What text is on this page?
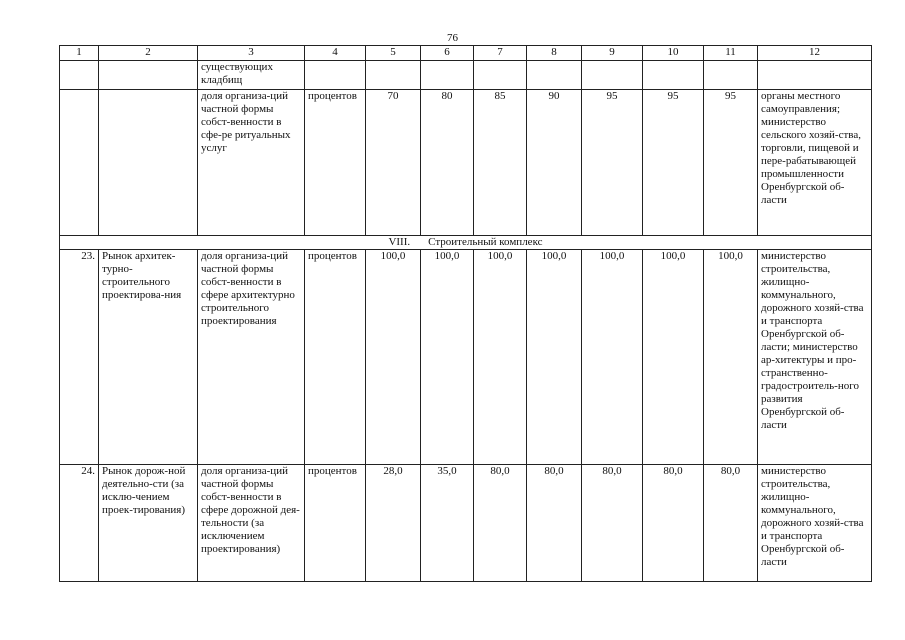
76
1	2	3	4	5	6	7	8	9	10	11	12
		существующих кладбищ									
		доля организа-ций частной формы собст-венности в сфе-ре ритуальных услуг	процентов	70	80	85	90	95	95	95	органы местного самоуправления; министерство сельского хозяй-ства, торговли, пищевой и пере-рабатывающей промышленности Оренбургской об-ласти
VIII. Строительный комплекс											
23.	Рынок архитек-турно-строительного проектирова-ния	доля организа-ций частной формы собст-венности в сфере архитектурно строительного проектирования	процентов	100,0	100,0	100,0	100,0	100,0	100,0	100,0	министерство строительства, жилищно-коммунального, дорожного хозяй-ства и транспорта Оренбургской об-ласти; министерство ар-хитектуры и про-странственно-градостроитель-ного развития Оренбургской об-ласти
24.	Рынок дорож-ной деятельно-сти (за исклю-чением проек-тирования)	доля организа-ций частной формы собст-венности в сфере дорожной дея-тельности (за исключением проектирования)	процентов	28,0	35,0	80,0	80,0	80,0	80,0	80,0	министерство строительства, жилищно-коммунального, дорожного хозяй-ства и транспорта Оренбургской об-ласти
